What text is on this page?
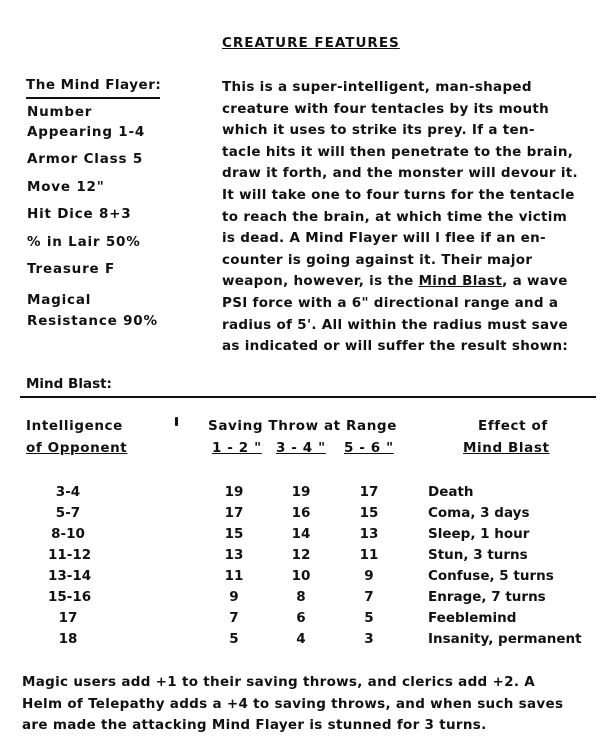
CREATURE FEATURES
The Mind Flayer:
Number
Appearing 1-4
Armor Class 5
Move 12"
Hit Dice 8+3
% in Lair 50%
Treasure F
Magical
Resistance 90%

This is a super-intelligent, man-shaped

creature with four tentacles by its mouth

which it uses to strike its prey. If a ten-

tacle hits it will then penetrate to the brain,

draw it forth, and the monster will devour it.

It will take one to four turns for the tentacle

to reach the brain, at which time the victim

is dead. A Mind Flayer will l flee if an en-

counter is going against it. Their major

weapon, however, is the Mind Blast, a wave

PSI force with a 6" directional range and a

radius of 5'. All within the radius must save

as indicated or will suffer the result shown:

Mind Blast:
Intelligence
of Opponent
Saving Throw at Range
1 - 2 " 3 - 4 " 5 - 6 "
Effect of
Mind Blast
3-4	19	19	17	Death
5-7	17	16	15	Coma, 3 days
8-10	15	14	13	Sleep, 1 hour
11-12	13	12	11	Stun, 3 turns
13-14	11	10	9	Confuse, 5 turns
15-16	9	8	7	Enrage, 7 turns
17	7	6	5	Feeblemind
18	5	4	3	Insanity, permanent

Magic users add +1 to their saving throws, and clerics add +2. A

Helm of Telepathy adds a +4 to saving throws, and when such saves

are made the attacking Mind Flayer is stunned for 3 turns.
